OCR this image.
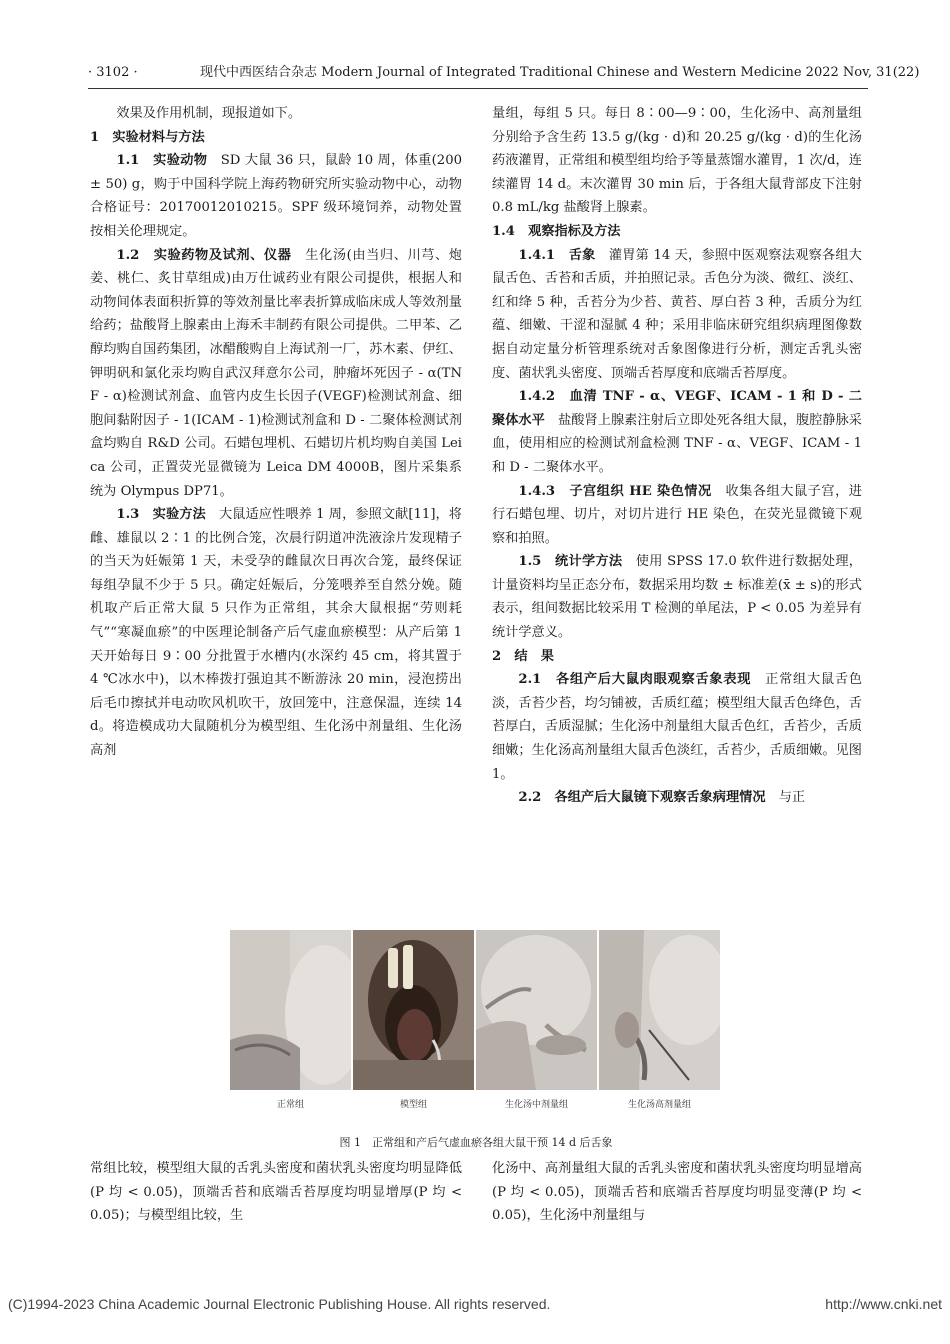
· 3102 ·	现代中西医结合杂志 Modern Journal of Integrated Traditional Chinese and Western Medicine 2022 Nov, 31(22)

效果及作用机制，现报道如下。

1　实验材料与方法

1.1　实验动物　SD 大鼠 36 只，鼠龄 10 周，体重(200 ± 50) g，购于中国科学院上海药物研究所实验动物中心，动物合格证号：20170012010215。SPF 级环境饲养，动物处置按相关伦理规定。

1.2　实验药物及试剂、仪器　生化汤(由当归、川芎、炮姜、桃仁、炙甘草组成)由万仕诚药业有限公司提供，根据人和动物间体表面积折算的等效剂量比率表折算成临床成人等效剂量给药；盐酸肾上腺素由上海禾丰制药有限公司提供。二甲苯、乙醇均购自国药集团，冰醋酸购自上海试剂一厂，苏木素、伊红、钾明矾和氯化汞均购自武汉拜意尔公司，肿瘤坏死因子 - α(TNF - α)检测试剂盒、血管内皮生长因子(VEGF)检测试剂盒、细胞间黏附因子 - 1(ICAM - 1)检测试剂盒和 D - 二聚体检测试剂盒均购自 R&D 公司。石蜡包埋机、石蜡切片机均购自美国 Leica 公司，正置荧光显微镜为 Leica DM 4000B，图片采集系统为 Olympus DP71。

1.3　实验方法　大鼠适应性喂养 1 周，参照文献[11]，将雌、雄鼠以 2∶1 的比例合笼，次晨行阴道冲洗液涂片发现精子的当天为妊娠第 1 天，未受孕的雌鼠次日再次合笼，最终保证每组孕鼠不少于 5 只。确定妊娠后，分笼喂养至自然分娩。随机取产后正常大鼠 5 只作为正常组，其余大鼠根据“劳则耗气”“寒凝血瘀”的中医理论制备产后气虚血瘀模型：从产后第 1 天开始每日 9∶00 分批置于水槽内(水深约 45 cm，将其置于 4 ℃冰水中)，以木棒拨打强迫其不断游泳 20 min，浸泡捞出后毛巾擦拭并电动吹风机吹干，放回笼中，注意保温，连续 14 d。将造模成功大鼠随机分为模型组、生化汤中剂量组、生化汤高剂

量组，每组 5 只。每日 8∶00—9∶00，生化汤中、高剂量组分别给予含生药 13.5 g/(kg · d)和 20.25 g/(kg · d)的生化汤药液灌胃，正常组和模型组均给予等量蒸馏水灌胃，1 次/d，连续灌胃 14 d。末次灌胃 30 min 后，于各组大鼠背部皮下注射 0.8 mL/kg 盐酸肾上腺素。

1.4　观察指标及方法

1.4.1　舌象　灌胃第 14 天，参照中医观察法观察各组大鼠舌色、舌苔和舌质，并拍照记录。舌色分为淡、微红、淡红、红和绛 5 种，舌苔分为少苔、黄苔、厚白苔 3 种，舌质分为红蕴、细嫩、干涩和湿腻 4 种；采用非临床研究组织病理图像数据自动定量分析管理系统对舌象图像进行分析，测定舌乳头密度、菌状乳头密度、顶端舌苔厚度和底端舌苔厚度。

1.4.2　血清 TNF - α、VEGF、ICAM - 1 和 D - 二聚体水平　盐酸肾上腺素注射后立即处死各组大鼠，腹腔静脉采血，使用相应的检测试剂盒检测 TNF - α、VEGF、ICAM - 1 和 D - 二聚体水平。

1.4.3　子宫组织 HE 染色情况　收集各组大鼠子宫，进行石蜡包埋、切片，对切片进行 HE 染色，在荧光显微镜下观察和拍照。

1.5　统计学方法　使用 SPSS 17.0 软件进行数据处理，计量资料均呈正态分布，数据采用均数 ± 标准差(x̄ ± s)的形式表示，组间数据比较采用 T 检测的单尾法，P < 0.05 为差异有统计学意义。

2　结　果

2.1　各组产后大鼠肉眼观察舌象表现　正常组大鼠舌色淡，舌苔少苔，均匀铺被，舌质红蕴；模型组大鼠舌色绛色，舌苔厚白，舌质湿腻；生化汤中剂量组大鼠舌色红，舌苔少，舌质细嫩；生化汤高剂量组大鼠舌色淡红，舌苔少，舌质细嫩。见图 1。

2.2　各组产后大鼠镜下观察舌象病理情况　与正

正常组	模型组	生化汤中剂量组	生化汤高剂量组
图 1　正常组和产后气虚血瘀各组大鼠干预 14 d 后舌象

常组比较，模型组大鼠的舌乳头密度和菌状乳头密度均明显降低(P 均 < 0.05)，顶端舌苔和底端舌苔厚度均明显增厚(P 均 < 0.05)；与模型组比较，生

化汤中、高剂量组大鼠的舌乳头密度和菌状乳头密度均明显增高(P 均 < 0.05)，顶端舌苔和底端舌苔厚度均明显变薄(P 均 < 0.05)，生化汤中剂量组与

(C)1994-2023 China Academic Journal Electronic Publishing House. All rights reserved.	http://www.cnki.net
